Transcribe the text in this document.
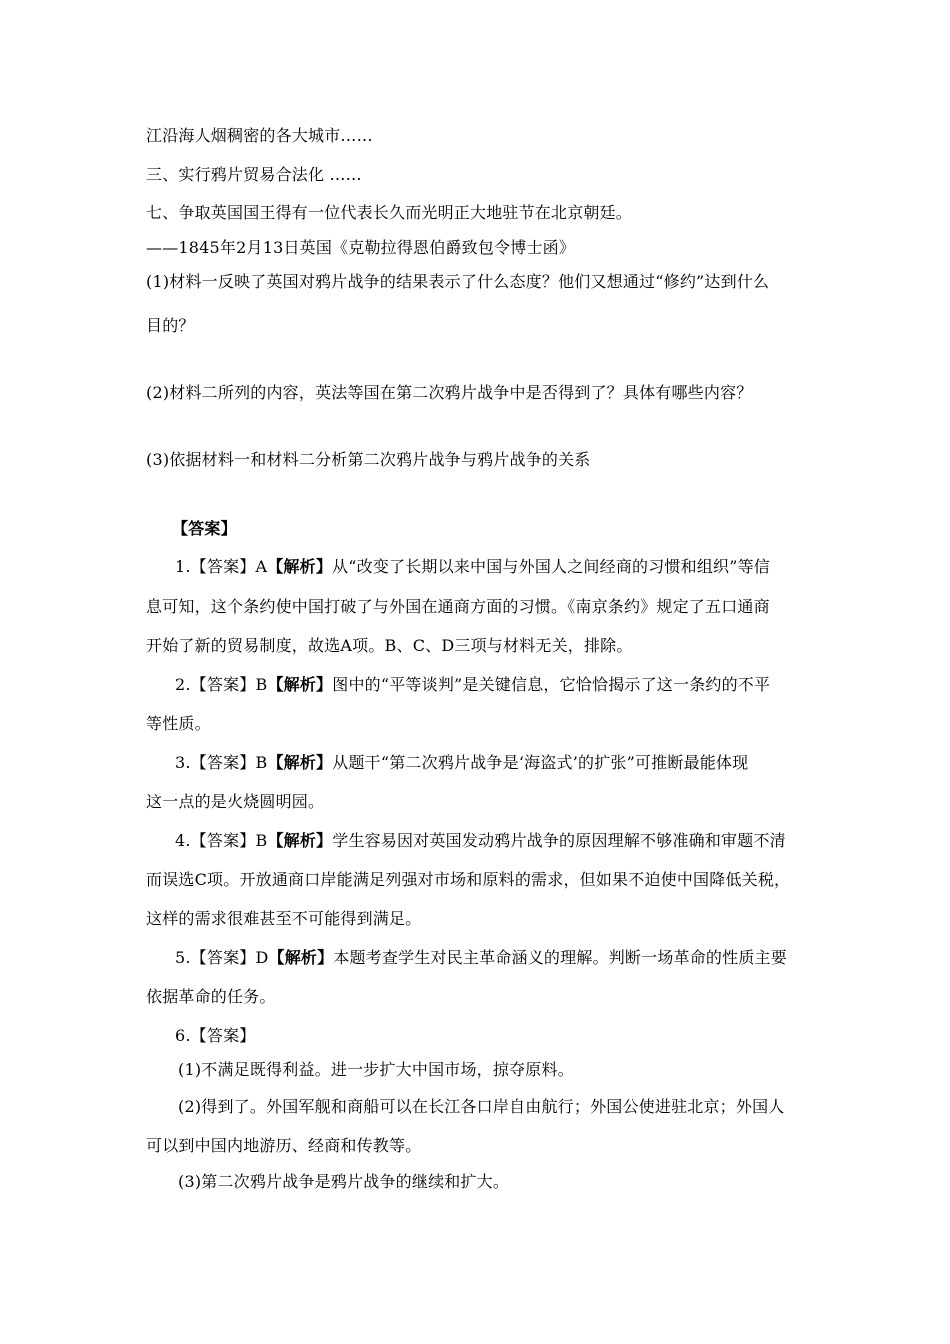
江沿海人烟稠密的各大城市……
三、实行鸦片贸易合法化 ……
七、争取英国国王得有一位代表长久而光明正大地驻节在北京朝廷。
——1845年2月13日英国《克勒拉得恩伯爵致包令博士函》
(1)材料一反映了英国对鸦片战争的结果表示了什么态度？他们又想通过“修约”达到什么
目的？
(2)材料二所列的内容，英法等国在第二次鸦片战争中是否得到了？具体有哪些内容？
(3)依据材料一和材料二分析第二次鸦片战争与鸦片战争的关系
【答案】
1.【答案】A【解析】从“改变了长期以来中国与外国人之间经商的习惯和组织”等信
息可知，这个条约使中国打破了与外国在通商方面的习惯。《南京条约》规定了五口通商
开始了新的贸易制度，故选A项。B、C、D三项与材料无关，排除。
2.【答案】B【解析】图中的“平等谈判”是关键信息，它恰恰揭示了这一条约的不平
等性质。
3.【答案】B【解析】从题干“第二次鸦片战争是‘海盗式’的扩张”可推断最能体现
这一点的是火烧圆明园。
4.【答案】B【解析】学生容易因对英国发动鸦片战争的原因理解不够准确和审题不清
而误选C项。开放通商口岸能满足列强对市场和原料的需求，但如果不迫使中国降低关税，
这样的需求很难甚至不可能得到满足。
5.【答案】D【解析】本题考查学生对民主革命涵义的理解。判断一场革命的性质主要
依据革命的任务。
6.【答案】
(1)不满足既得利益。进一步扩大中国市场，掠夺原料。
(2)得到了。外国军舰和商船可以在长江各口岸自由航行；外国公使进驻北京；外国人
可以到中国内地游历、经商和传教等。
(3)第二次鸦片战争是鸦片战争的继续和扩大。
